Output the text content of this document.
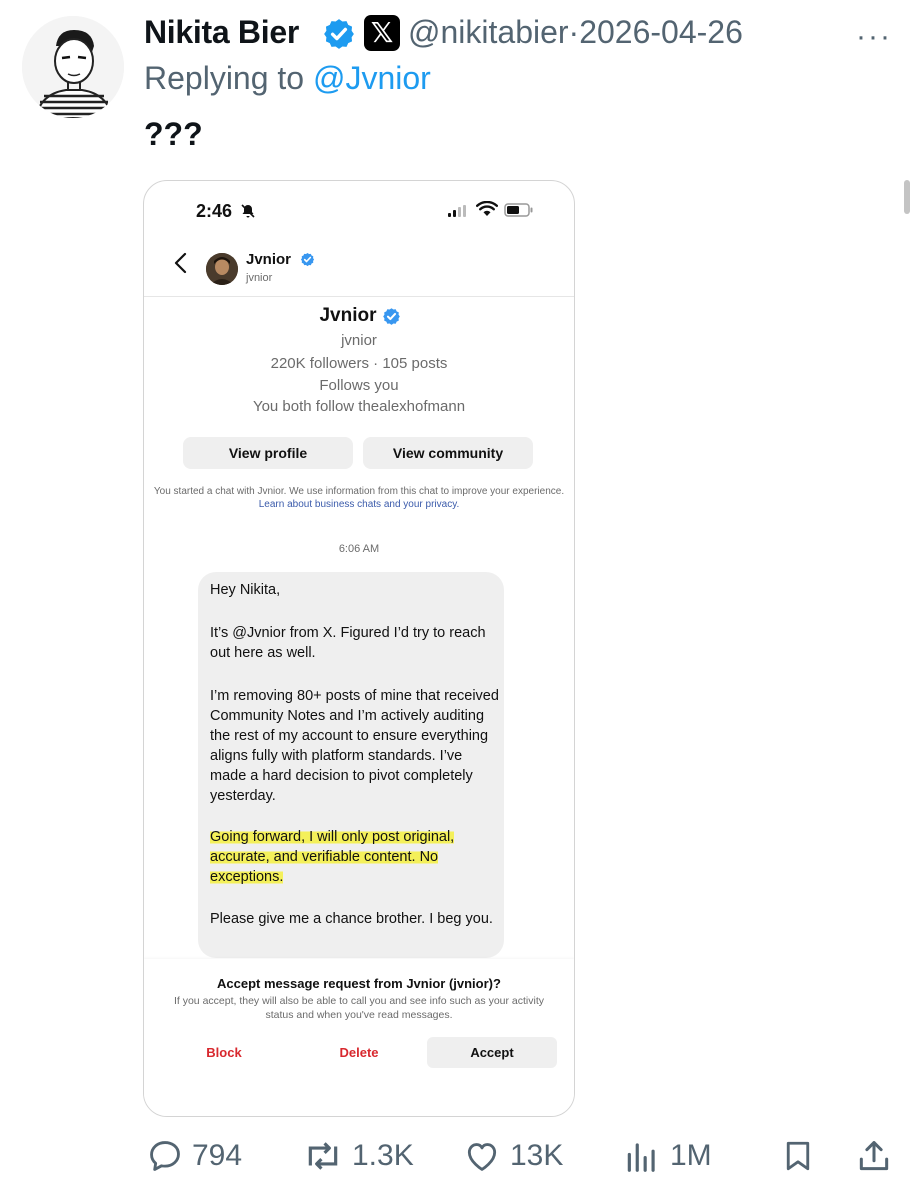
Nikita Bier	𝕏 @nikitabier·2026-04-26	···
Replying to @Jvnior
???
2:46
Jvnior
jvnior
Jvnior
jvnior
220K followers · 105 posts
Follows you
You both follow thealexhofmann
View profile	View community
You started a chat with Jvnior. We use information from this chat to improve your experience. Learn about business chats and your privacy.
6:06 AM
Hey Nikita,
It’s @Jvnior from X. Figured I’d try to reach out here as well.
I’m removing 80+ posts of mine that received Community Notes and I’m actively auditing the rest of my account to ensure everything aligns fully with platform standards. I’ve made a hard decision to pivot completely yesterday.
Going forward, I will only post original, accurate, and verifiable content. No exceptions.
Please give me a chance brother. I beg you.
Accept message request from Jvnior (jvnior)?
If you accept, they will also be able to call you and see info such as your activity status and when you've read messages.
Block	Delete	Accept
794	1.3K	13K	1M
